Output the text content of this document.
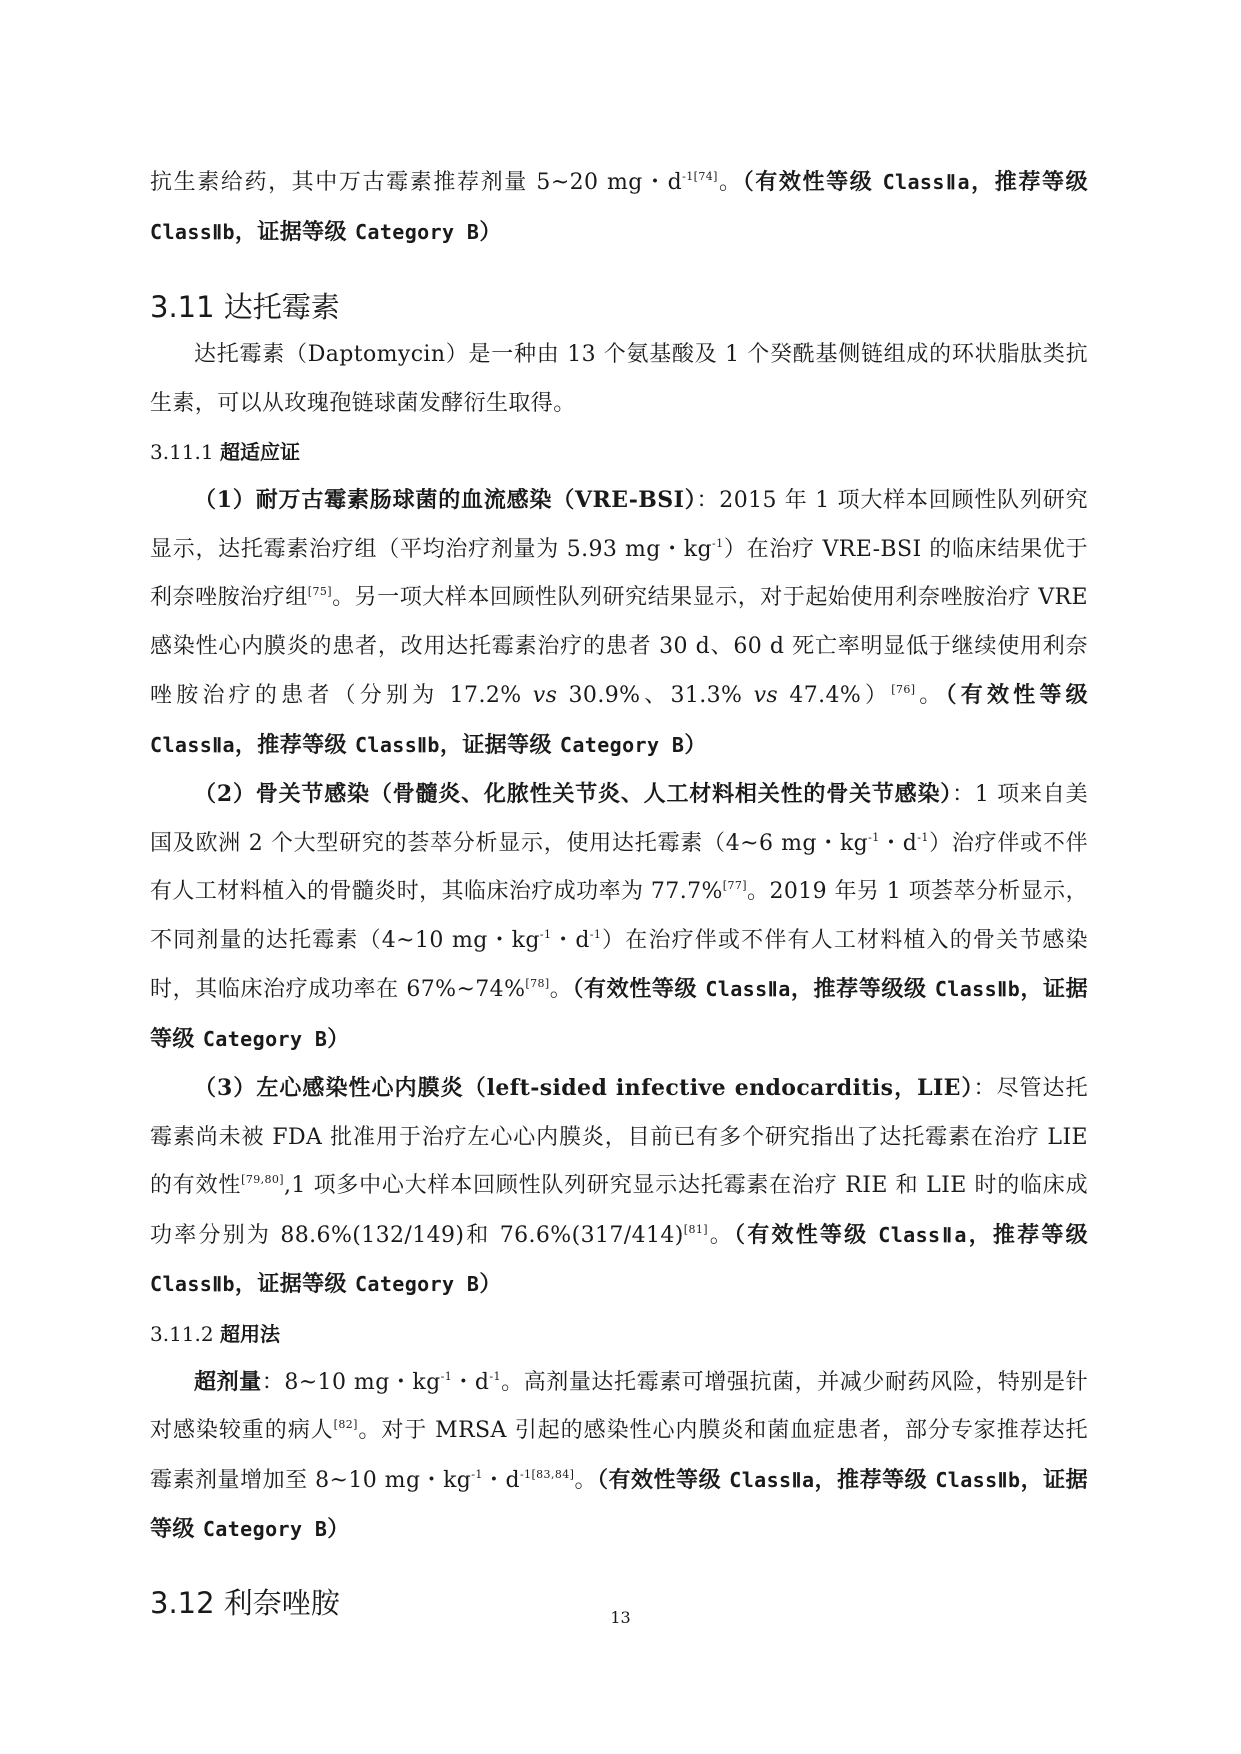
抗生素给药，其中万古霉素推荐剂量 5~20 mg・$d^{-1[74]}$。（有效性等级 ClassⅡa，推荐等级 ClassⅡb，证据等级 Category B）

3.11 达托霉素

达托霉素（Daptomycin）是一种由 13 个氨基酸及 1 个癸酰基侧链组成的环状脂肽类抗生素，可以从玫瑰孢链球菌发酵衍生取得。

3.11.1 超适应证

（1）耐万古霉素肠球菌的血流感染（VRE-BSI）：2015 年 1 项大样本回顾性队列研究显示，达托霉素治疗组（平均治疗剂量为 5.93 mg・$kg^{-1}$）在治疗 VRE-BSI 的临床结果优于利奈唑胺治疗组[75]。另一项大样本回顾性队列研究结果显示，对于起始使用利奈唑胺治疗 VRE 感染性心内膜炎的患者，改用达托霉素治疗的患者 30 d、60 d 死亡率明显低于继续使用利奈唑胺治疗的患者（分别为 17.2% vs 30.9%、31.3% vs 47.4%）[76]。（有效性等级 ClassⅡa，推荐等级 ClassⅡb，证据等级 Category B）

（2）骨关节感染（骨髓炎、化脓性关节炎、人工材料相关性的骨关节感染）：1 项来自美国及欧洲 2 个大型研究的荟萃分析显示，使用达托霉素（4~6 mg・$kg^{-1}$・$d^{-1}$）治疗伴或不伴有人工材料植入的骨髓炎时，其临床治疗成功率为 77.7%[77]。2019 年另 1 项荟萃分析显示，不同剂量的达托霉素（4~10 mg・$kg^{-1}$・$d^{-1}$）在治疗伴或不伴有人工材料植入的骨关节感染时，其临床治疗成功率在 67%~74%[78]。（有效性等级 ClassⅡa，推荐等级级 ClassⅡb，证据等级 Category B）

（3）左心感染性心内膜炎（left-sided infective endocarditis，LIE）：尽管达托霉素尚未被 FDA 批准用于治疗左心心内膜炎，目前已有多个研究指出了达托霉素在治疗 LIE 的有效性[79,80],1 项多中心大样本回顾性队列研究显示达托霉素在治疗 RIE 和 LIE 时的临床成功率分别为 88.6%(132/149)和 76.6%(317/414)[81]。（有效性等级 ClassⅡa，推荐等级 ClassⅡb，证据等级 Category B）

3.11.2 超用法

超剂量：8~10 mg・$kg^{-1}$・$d^{-1}$。高剂量达托霉素可增强抗菌，并减少耐药风险，特别是针对感染较重的病人[82]。对于 MRSA 引起的感染性心内膜炎和菌血症患者，部分专家推荐达托霉素剂量增加至 8~10 mg・$kg^{-1}$・$d^{-1[83,84]}$。（有效性等级 ClassⅡa，推荐等级 ClassⅡb，证据等级 Category B）

3.12 利奈唑胺	13
